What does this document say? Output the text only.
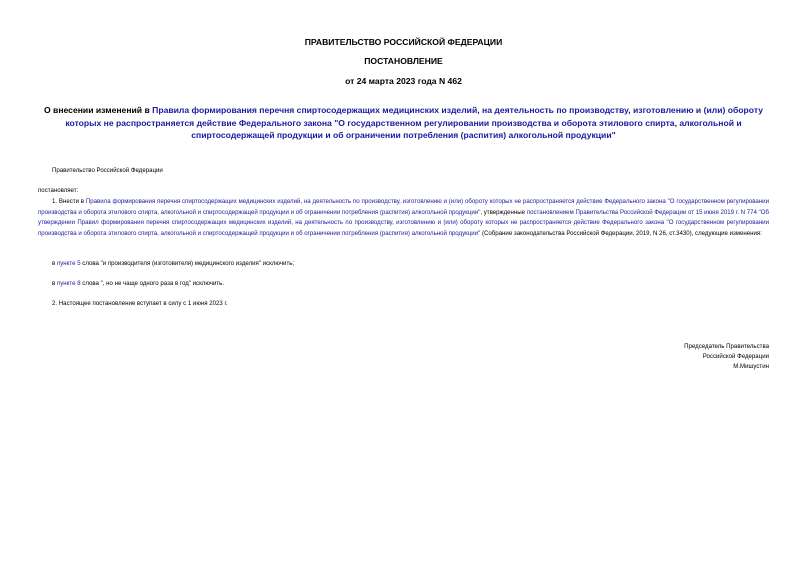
ПРАВИТЕЛЬСТВО РОССИЙСКОЙ ФЕДЕРАЦИИ
ПОСТАНОВЛЕНИЕ
от 24 марта 2023 года N 462
О внесении изменений в Правила формирования перечня спиртосодержащих медицинских изделий, на деятельность по производству, изготовлению и (или) обороту которых не распространяется действие Федерального закона "О государственном регулировании производства и оборота этилового спирта, алкогольной и спиртосодержащей продукции и об ограничении потребления (распития) алкогольной продукции"
Правительство Российской Федерации
постановляет:
1. Внести в Правила формирования перечня спиртосодержащих медицинских изделий, на деятельность по производству, изготовлению и (или) обороту которых не распространяется действие Федерального закона "О государственном регулировании производства и оборота этилового спирта, алкогольной и спиртосодержащей продукции и об ограничении потребления (распития) алкогольной продукции", утвержденные постановлением Правительства Российской Федерации от 15 июня 2019 г. N 774 "Об утверждении Правил формирования перечня спиртосодержащих медицинских изделий, на деятельность по производству, изготовлению и (или) обороту которых не распространяется действие Федерального закона "О государственном регулировании производства и оборота этилового спирта, алкогольной и спиртосодержащей продукции и об ограничении потребления (распития) алкогольной продукции" (Собрание законодательства Российской Федерации, 2019, N 26, ст.3430), следующие изменения:
в пункте 5 слова "и производителя (изготовителя) медицинского изделия" исключить;
в пункте 8 слова ", но не чаще одного раза в год" исключить.
2. Настоящее постановление вступает в силу с 1 июня 2023 г.
Председатель Правительства
Российской Федерации
М.Мишустин
